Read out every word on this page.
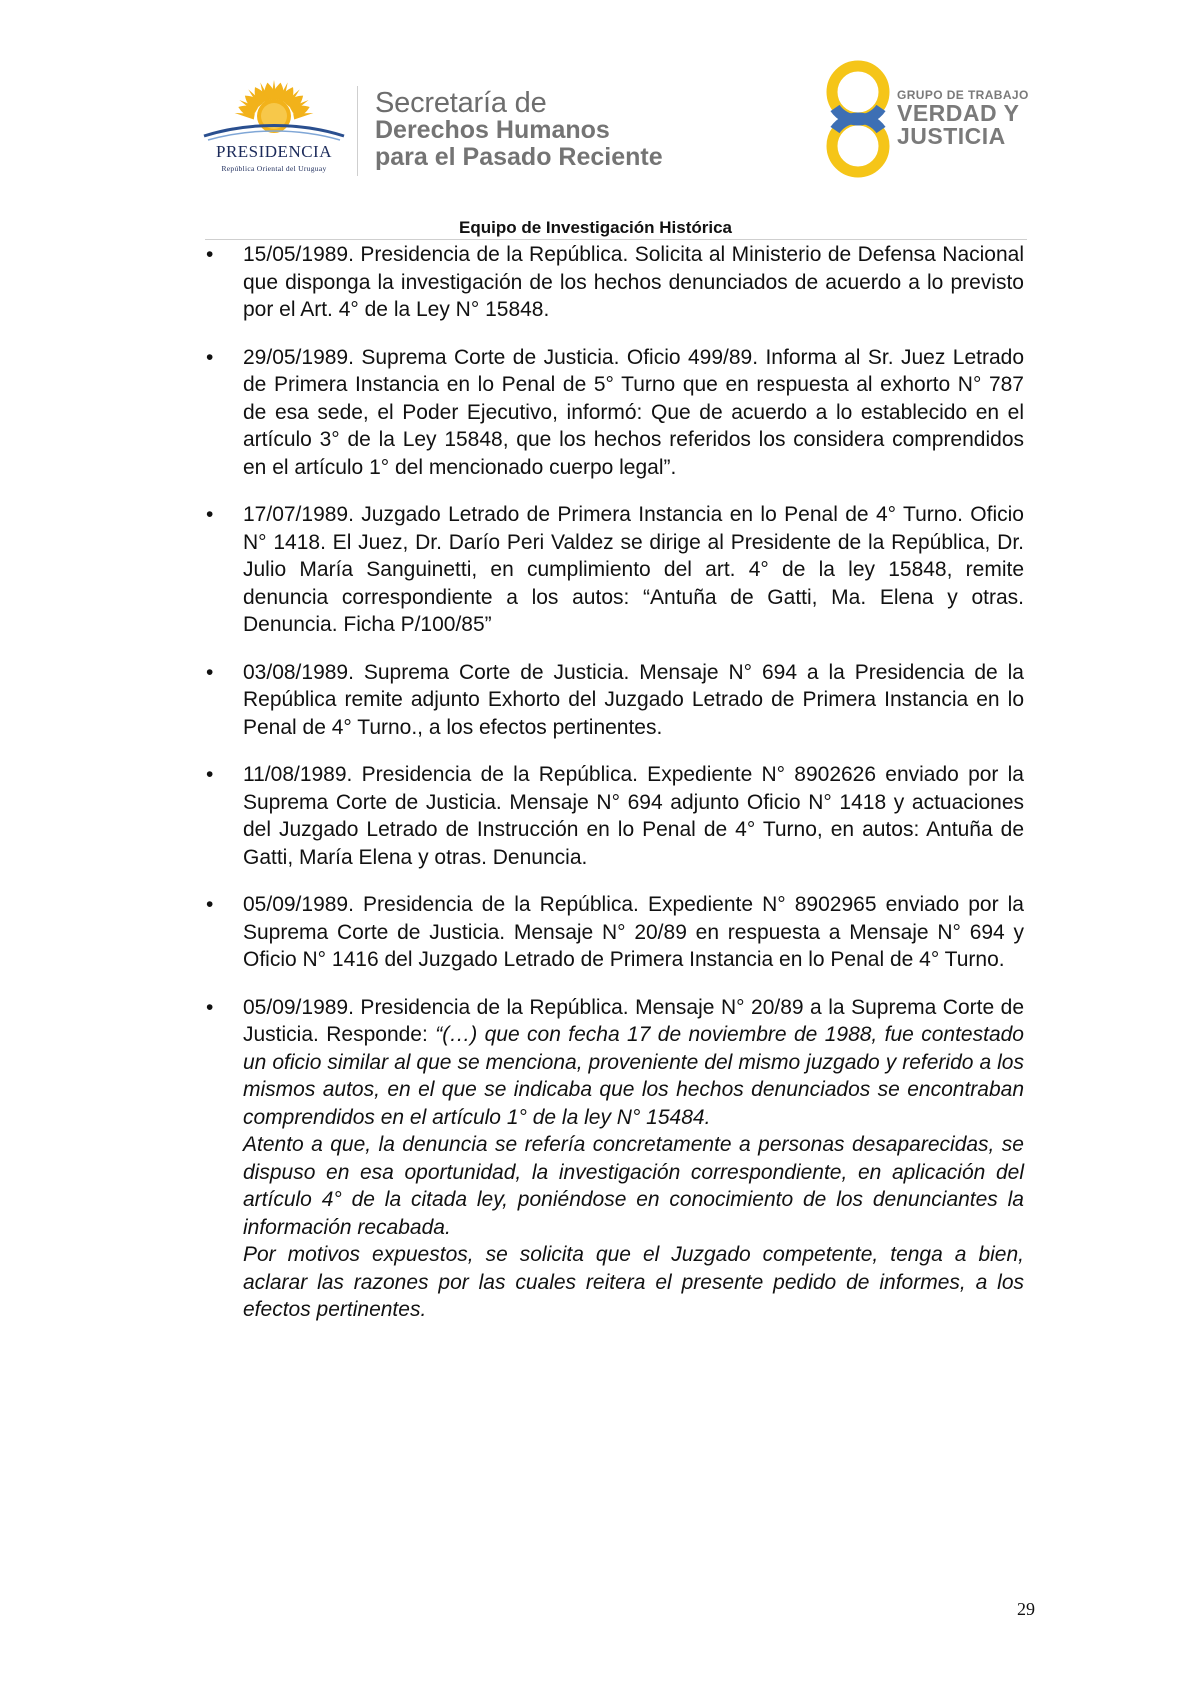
PRESIDENCIA
República Oriental del Uruguay
Secretaría de
Derechos Humanos
para el Pasado Reciente
GRUPO DE TRABAJO
VERDAD Y
JUSTICIA
Equipo de Investigación Histórica
• 15/05/1989. Presidencia de la República. Solicita al Ministerio de Defensa Nacional que disponga la investigación de los hechos denunciados de acuerdo a lo previsto por el Art. 4° de la Ley N° 15848.

• 29/05/1989. Suprema Corte de Justicia. Oficio 499/89. Informa al Sr. Juez Letrado de Primera Instancia en lo Penal de 5° Turno que en respuesta al exhorto N° 787 de esa sede, el Poder Ejecutivo, informó: Que de acuerdo a lo establecido en el artículo 3° de la Ley 15848, que los hechos referidos los considera comprendidos en el artículo 1° del mencionado cuerpo legal”.

• 17/07/1989. Juzgado Letrado de Primera Instancia en lo Penal de 4° Turno. Oficio N° 1418. El Juez, Dr. Darío Peri Valdez se dirige al Presidente de la República, Dr. Julio María Sanguinetti, en cumplimiento del art. 4° de la ley 15848, remite denuncia correspondiente a los autos: “Antuña de Gatti, Ma. Elena y otras. Denuncia. Ficha P/100/85”

• 03/08/1989. Suprema Corte de Justicia. Mensaje N° 694 a la Presidencia de la República remite adjunto Exhorto del Juzgado Letrado de Primera Instancia en lo Penal de 4° Turno., a los efectos pertinentes.

• 11/08/1989. Presidencia de la República. Expediente N° 8902626 enviado por la Suprema Corte de Justicia. Mensaje N° 694 adjunto Oficio N° 1418 y actuaciones del Juzgado Letrado de Instrucción en lo Penal de 4° Turno, en autos: Antuña de Gatti, María Elena y otras. Denuncia.

• 05/09/1989. Presidencia de la República. Expediente N° 8902965 enviado por la Suprema Corte de Justicia. Mensaje N° 20/89 en respuesta a Mensaje N° 694 y Oficio N° 1416 del Juzgado Letrado de Primera Instancia en lo Penal de 4° Turno.

• 05/09/1989. Presidencia de la República. Mensaje N° 20/89 a la Suprema Corte de Justicia. Responde: “(…) que con fecha 17 de noviembre de 1988, fue contestado un oficio similar al que se menciona, proveniente del mismo juzgado y referido a los mismos autos, en el que se indicaba que los hechos denunciados se encontraban comprendidos en el artículo 1° de la ley N° 15484.

Atento a que, la denuncia se refería concretamente a personas desaparecidas, se dispuso en esa oportunidad, la investigación correspondiente, en aplicación del artículo 4° de la citada ley, poniéndose en conocimiento de los denunciantes la información recabada.

Por motivos expuestos, se solicita que el Juzgado competente, tenga a bien, aclarar las razones por las cuales reitera el presente pedido de informes, a los efectos pertinentes.

29
